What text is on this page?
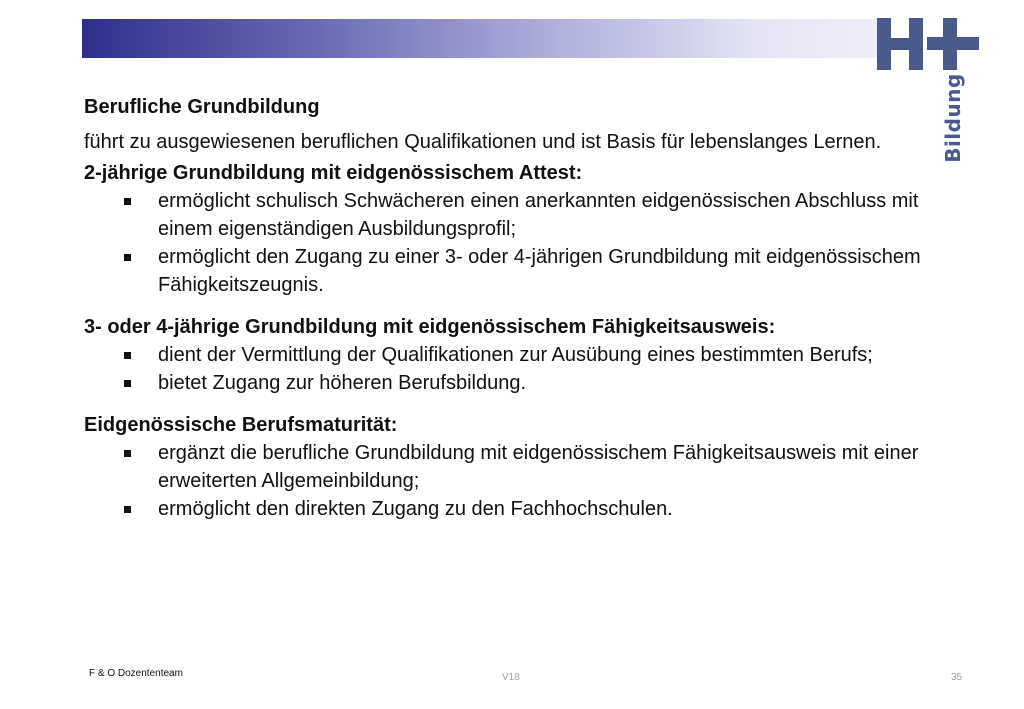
Bildung
Berufliche Grundbildung
führt zu ausgewiesenen beruflichen Qualifikationen und ist Basis für lebenslanges Lernen.
2-jährige Grundbildung mit eidgenössischem Attest:
ermöglicht schulisch Schwächeren einen anerkannten eidgenössischen Abschluss mit einem eigenständigen Ausbildungsprofil;
ermöglicht den Zugang zu einer 3- oder 4-jährigen Grundbildung mit eidgenössischem Fähigkeitszeugnis.
3- oder 4-jährige Grundbildung mit eidgenössischem Fähigkeitsausweis:
dient der Vermittlung der Qualifikationen zur Ausübung eines bestimmten Berufs;
bietet Zugang zur höheren Berufsbildung.
Eidgenössische Berufsmaturität:
ergänzt die berufliche Grundbildung mit eidgenössischem Fähigkeitsausweis mit einer erweiterten Allgemeinbildung;
ermöglicht den direkten Zugang zu den Fachhochschulen.
F & O Dozententeam	V18	35
